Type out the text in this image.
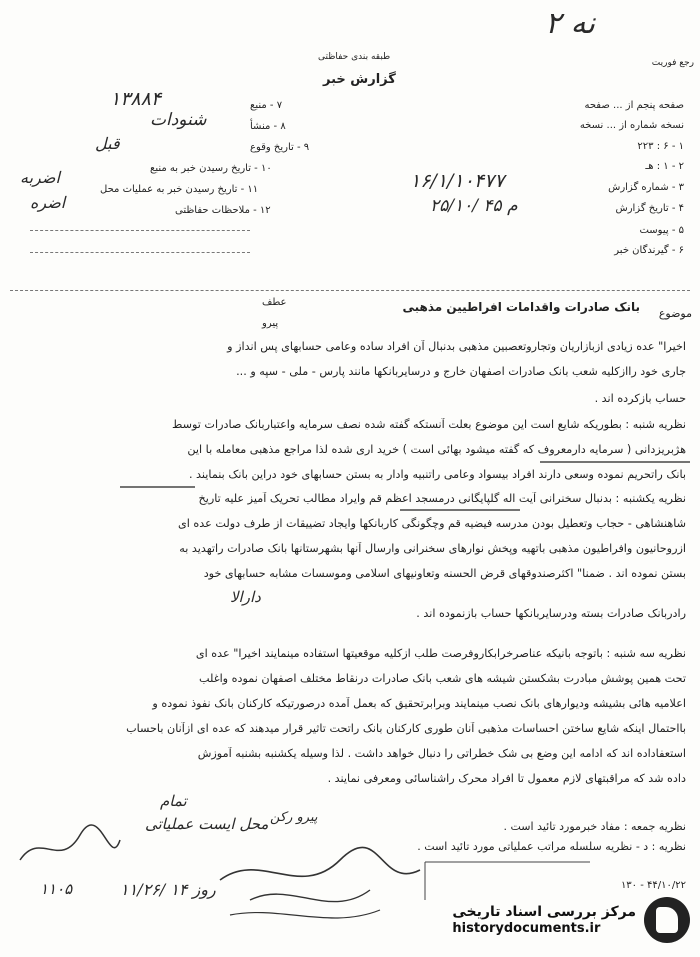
۲ نه
رجع فوریت
طبقه بندی حفاظتی
گزارش خبر
صفحه پنجم از ... صفحه
نسخه شماره از ... نسخه
۱ - ۶ : ۲۲۳
۲ - ۱ : هـ
۳ - شماره گزارش
۴ - تاریخ گزارش
۵ - پیوست
۶ - گیرندگان خبر
۱۶/۱/۱۰۴۷۷
۲۵/۱۰/ ۴۵ م
۷ - منبع
۸ - منشأ
۹ - تاریخ وقوع
۱۰ - تاریخ رسیدن خبر به منبع
۱۱ - تاریخ رسیدن خبر به عملیات محل
۱۲ - ملاحظات حفاظتی
۱۳۸۸۴
شنودات
قبل
اضربه
اضره
موضوع
بانک صادرات واقدامات افراطیین مذهبی
عطف
پیرو
اخیرا" عده زیادی ازبازاریان وتجاروتعصبین مذهبی بدنبال آن افراد ساده وعامی حسابهای پس انداز و
جاری خود راازکلیه شعب بانک صادرات اصفهان خارج و درسایربانکها مانند پارس - ملی - سپه و ...
حساب بازکرده اند .
نظریه شنبه : بطوریکه شایع است این موضوع بعلت آنستکه گفته شده نصف سرمایه واعتباربانک صادرات توسط
هژبریزدانی ( سرمایه دارمعروف که گفته میشود بهائی است ) خرید اری شده لذا مراجع مذهبی معامله با این
بانک راتحریم نموده وسعی دارند افراد بیسواد وعامی راتنبیه وادار به بستن حسابهای خود دراین بانک بنمایند .
نظریه یکشنبه : بدنبال سخنرانی آیت اله گلپایگانی درمسجد اعظم قم وایراد مطالب تحریک آمیز علیه تاریخ
شاهنشاهی - حجاب وتعطیل بودن مدرسه فیضیه قم وچگونگی کاربانکها وایجاد تضییقات از طرف دولت عده ای
ازروحانیون وافراطیون مذهبی باتهیه وپخش نوارهای سخنرانی وارسال آنها بشهرستانها بانک صادرات راتهدید به
بستن نموده اند . ضمنا" اکثرصندوقهای قرض الحسنه وتعاونیهای اسلامی وموسسات مشابه حسابهای خود
رادربانک صادرات بسته ودرسایربانکها حساب بازنموده اند .
نظریه سه شنبه : باتوجه بانیکه عناصرخرابکاروفرصت طلب ازکلیه موقعیتها استفاده مینمایند اخیرا" عده ای
تحت همین پوشش مبادرت بشکستن شیشه های شعب بانک صادرات درنقاط مختلف اصفهان نموده واغلب
اعلامیه هائی بشیشه ودیوارهای بانک نصب مینمایند وبرابرتحقیق که بعمل آمده درصورتیکه کارکنان بانک نفوذ نموده و
بااحتمال اینکه شایع ساختن احساسات مذهبی آنان طوری کارکنان بانک راتحت تاثیر قرار میدهند که عده ای ازآنان باحساب
استعفاداده اند که ادامه این وضع بی شک خطراتی را دنبال خواهد داشت . لذا وسیله یکشنبه بشنبه آموزش
داده شد که مراقبتهای لازم معمول تا افراد محرک راشناسائی ومعرفی نمایند .
دارالا
تمام
نظریه جمعه : مفاد خبرمورد تائید است .
نظریه : د - نظریه سلسله مراتب عملیاتی مورد تائید است .
محل ایست عملیاتی پیرو رکن
۱۱/۲۶/ ۱۴ روز
۱۱۰۵	۴۴/۱۰/۲۲ - ۱۳۰
مرکز بررسی اسناد تاریخی
historydocuments.ir
